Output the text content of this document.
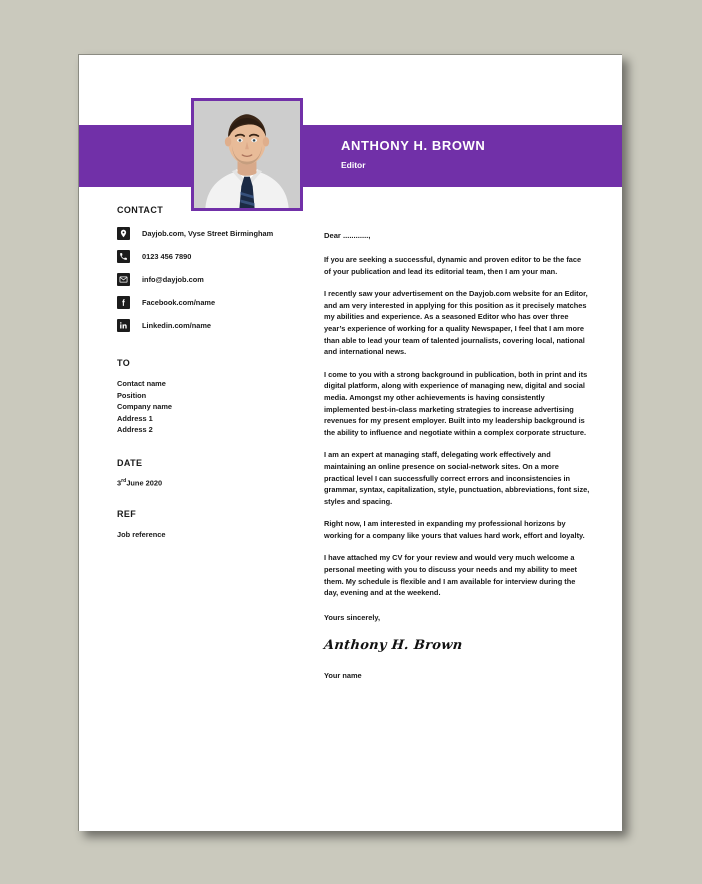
ANTHONY H. BROWN
Editor
CONTACT
Dayjob.com, Vyse Street Birmingham
0123 456 7890
info@dayjob.com
Facebook.com/name
Linkedin.com/name
TO
Contact name
Position
Company name
Address 1
Address 2
DATE
3rdJune 2020
REF
Job reference
Dear ............,
If you are seeking a successful, dynamic and proven editor to be the face of your publication and lead its editorial team, then I am your man.
I recently saw your advertisement on the Dayjob.com website for an Editor, and am very interested in applying for this position as it precisely matches my abilities and experience. As a seasoned Editor who has over three year’s experience of working for a quality Newspaper, I feel that I am more than able to lead your team of talented journalists, covering local, national and international news.
I come to you with a strong background in publication, both in print and its digital platform, along with experience of managing new, digital and social media. Amongst my other achievements is having consistently implemented best-in-class marketing strategies to increase advertising revenues for my present employer. Built into my leadership background is the ability to influence and negotiate within a complex corporate structure.
I am an expert at managing staff, delegating work effectively and maintaining an online presence on social-network sites. On a more practical level I can successfully correct errors and inconsistencies in grammar, syntax, capitalization, style, punctuation, abbreviations, font size, styles and spacing.
Right now, I am interested in expanding my professional horizons by working for a company like yours that values hard work, effort and loyalty.
I have attached my CV for your review and would very much welcome a personal meeting with you to discuss your needs and my ability to meet them. My schedule is flexible and I am available for interview during the day, evening and at the weekend.
Yours sincerely,
Anthony H. Brown
Your name
